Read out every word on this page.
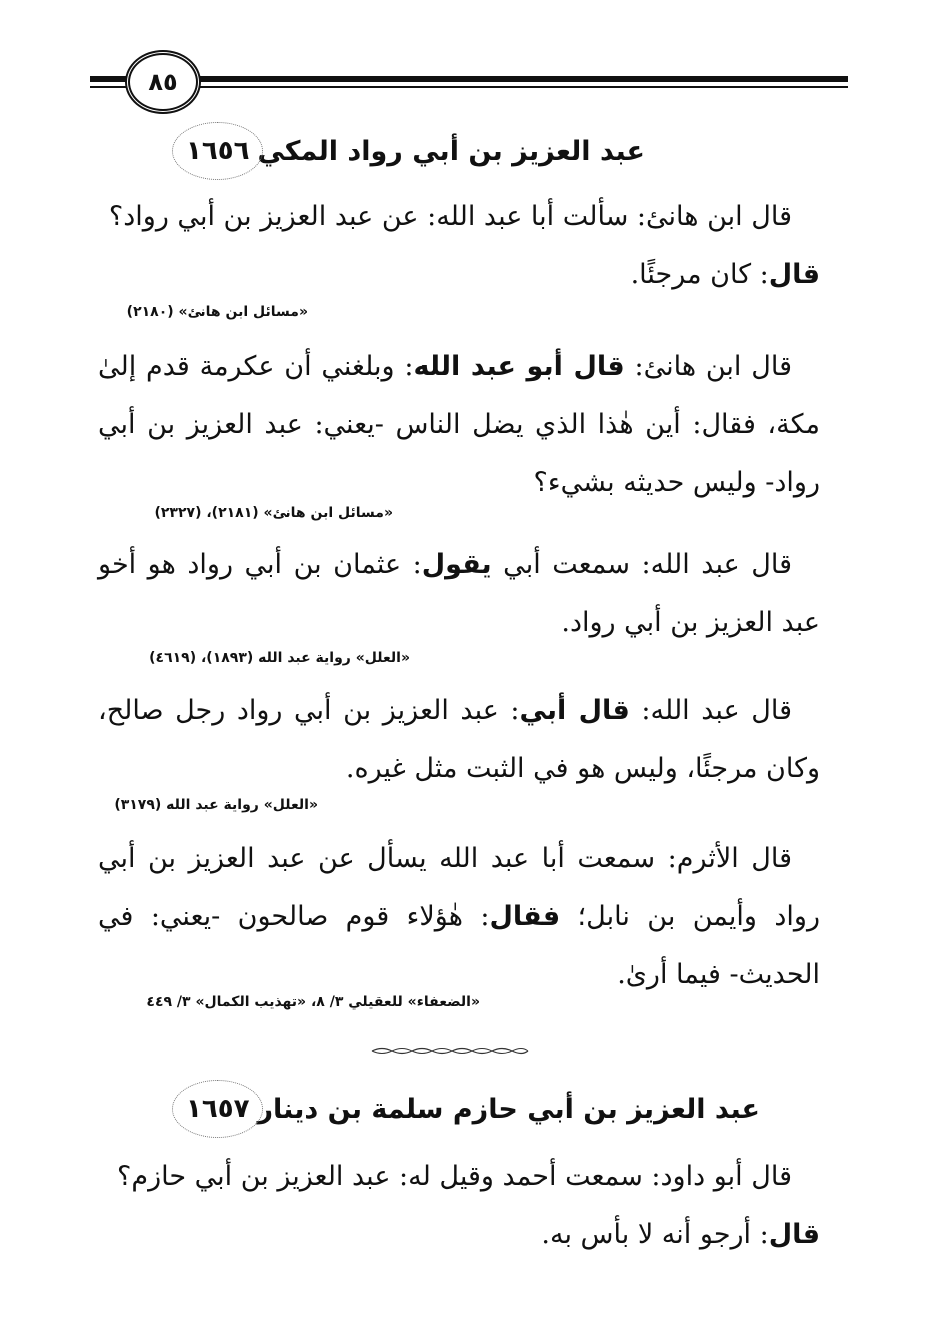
٨٥
١٦٥٦ عبد العزيز بن أبي رواد المكي
قال ابن هانئ: سألت أبا عبد الله: عن عبد العزيز بن أبي رواد؟
قال: كان مرجئًا.
«مسائل ابن هانئ» (٢١٨٠)
قال ابن هانئ: قال أبو عبد الله: وبلغني أن عكرمة قدم إلىٰ مكة، فقال: أين هٰذا الذي يضل الناس -يعني: عبد العزيز بن أبي رواد- وليس حديثه بشيء؟
«مسائل ابن هانئ» (٢١٨١)، (٢٣٢٧)
قال عبد الله: سمعت أبي يقول: عثمان بن أبي رواد هو أخو عبد العزيز بن أبي رواد.
«العلل» رواية عبد الله (١٨٩٣)، (٤٦١٩)
قال عبد الله: قال أبي: عبد العزيز بن أبي رواد رجل صالح، وكان مرجئًا، وليس هو في الثبت مثل غيره.
«العلل» رواية عبد الله (٣١٧٩)
قال الأثرم: سمعت أبا عبد الله يسأل عن عبد العزيز بن أبي رواد وأيمن بن نابل؛ فقال: هٰؤلاء قوم صالحون -يعني: في الحديث- فيما أرىٰ.
«الضعفاء» للعقيلي ٣/ ٨، «تهذيب الكمال» ٣/ ٤٤٩
١٦٥٧ عبد العزيز بن أبي حازم سلمة بن دينار
قال أبو داود: سمعت أحمد وقيل له: عبد العزيز بن أبي حازم؟
قال: أرجو أنه لا بأس به.
